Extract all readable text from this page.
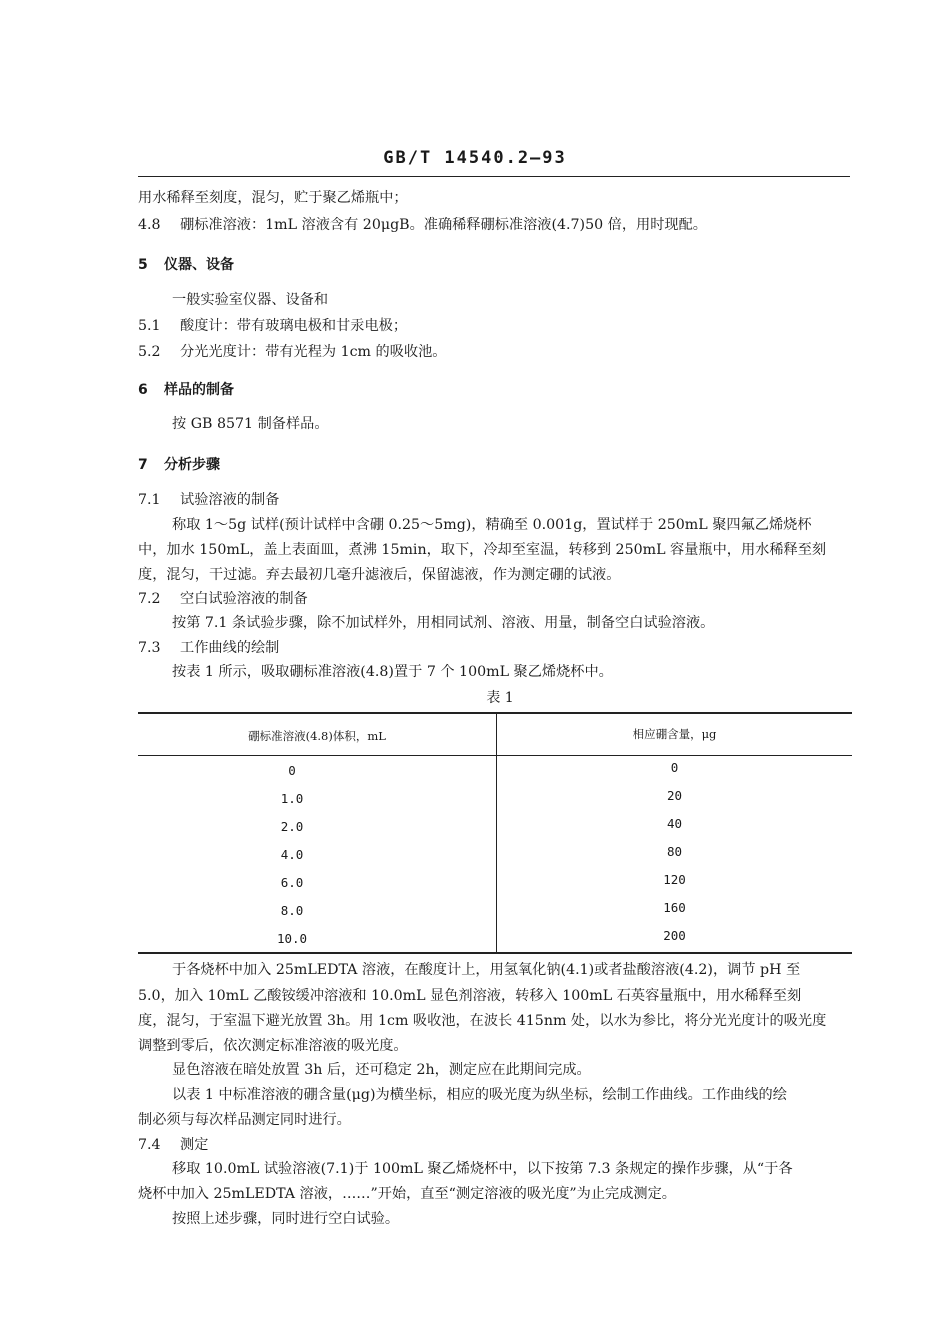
GB/T 14540.2—93
用水稀释至刻度，混匀，贮于聚乙烯瓶中；
4.8 硼标准溶液：1mL 溶液含有 20μgB。准确稀释硼标准溶液(4.7)50 倍，用时现配。
5 仪器、设备
一般实验室仪器、设备和
5.1 酸度计：带有玻璃电极和甘汞电极；
5.2 分光光度计：带有光程为 1cm 的吸收池。
6 样品的制备
按 GB 8571 制备样品。
7 分析步骤
7.1 试验溶液的制备
称取 1～5g 试样(预计试样中含硼 0.25～5mg)，精确至 0.001g，置试样于 250mL 聚四氟乙烯烧杯
中，加水 150mL，盖上表面皿，煮沸 15min，取下，冷却至室温，转移到 250mL 容量瓶中，用水稀释至刻
度，混匀，干过滤。弃去最初几毫升滤液后，保留滤液，作为测定硼的试液。
7.2 空白试验溶液的制备
按第 7.1 条试验步骤，除不加试样外，用相同试剂、溶液、用量，制备空白试验溶液。
7.3 工作曲线的绘制
按表 1 所示，吸取硼标准溶液(4.8)置于 7 个 100mL 聚乙烯烧杯中。
表 1
硼标准溶液(4.8)体积，mL	相应硼含量，μg
0	0
1.0	20
2.0	40
4.0	80
6.0	120
8.0	160
10.0	200
于各烧杯中加入 25mLEDTA 溶液，在酸度计上，用氢氧化钠(4.1)或者盐酸溶液(4.2)，调节 pH 至
5.0，加入 10mL 乙酸铵缓冲溶液和 10.0mL 显色剂溶液，转移入 100mL 石英容量瓶中，用水稀释至刻
度，混匀，于室温下避光放置 3h。用 1cm 吸收池，在波长 415nm 处，以水为参比，将分光光度计的吸光度
调整到零后，依次测定标准溶液的吸光度。
显色溶液在暗处放置 3h 后，还可稳定 2h，测定应在此期间完成。
以表 1 中标准溶液的硼含量(μg)为横坐标，相应的吸光度为纵坐标，绘制工作曲线。工作曲线的绘
制必须与每次样品测定同时进行。
7.4 测定
移取 10.0mL 试验溶液(7.1)于 100mL 聚乙烯烧杯中，以下按第 7.3 条规定的操作步骤，从“于各
烧杯中加入 25mLEDTA 溶液，……”开始，直至“测定溶液的吸光度”为止完成测定。
按照上述步骤，同时进行空白试验。
